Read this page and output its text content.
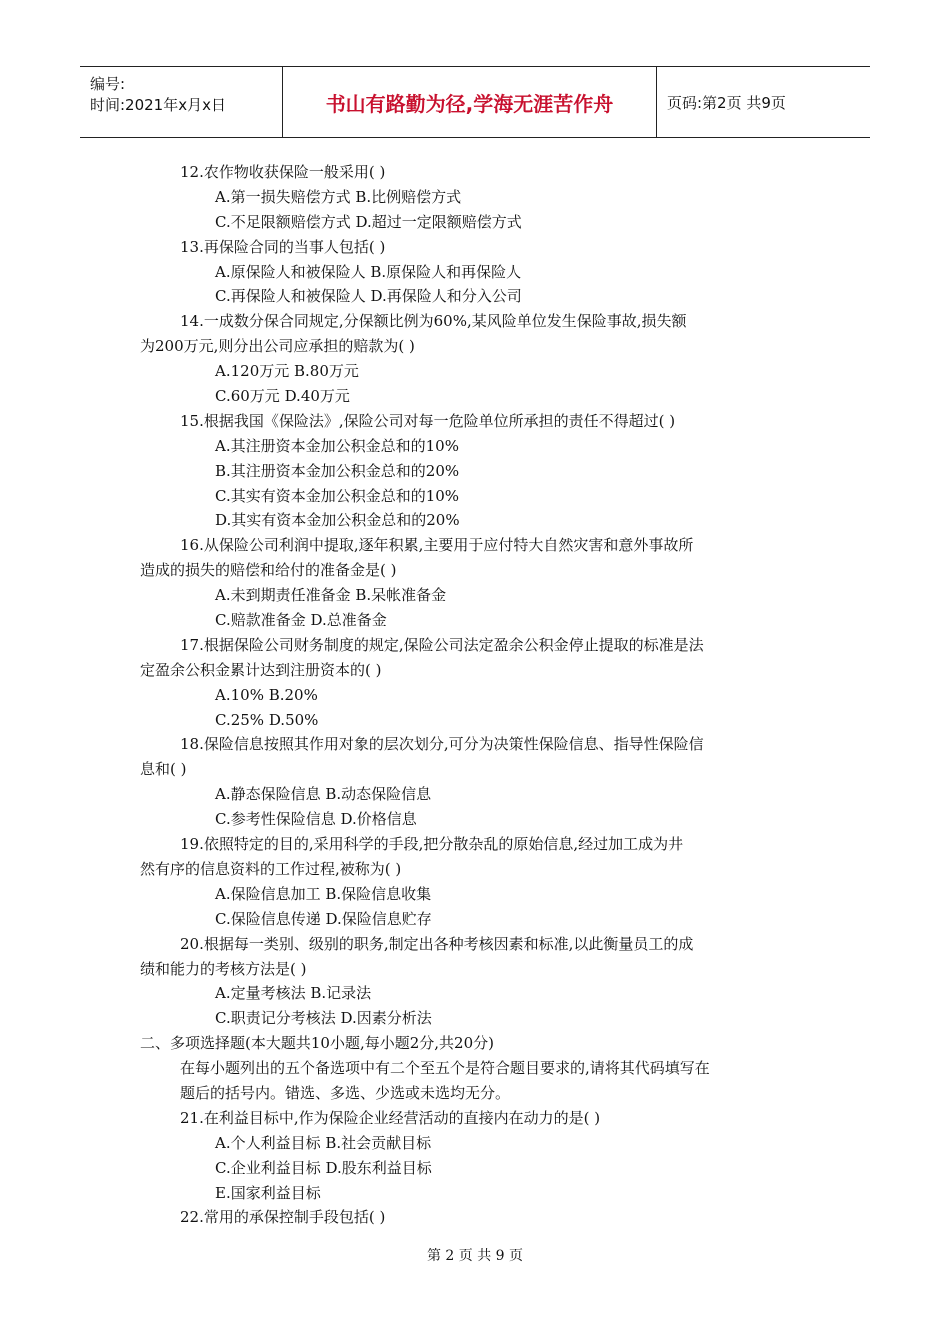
编号:
时间:2021年x月x日	书山有路勤为径,学海无涯苦作舟	页码:第2页 共9页
12.农作物收获保险一般采用( )
A.第一损失赔偿方式 B.比例赔偿方式
C.不足限额赔偿方式 D.超过一定限额赔偿方式
13.再保险合同的当事人包括( )
A.原保险人和被保险人 B.原保险人和再保险人
C.再保险人和被保险人 D.再保险人和分入公司
14.一成数分保合同规定,分保额比例为60%,某风险单位发生保险事故,损失额
为200万元,则分出公司应承担的赔款为( )
A.120万元 B.80万元
C.60万元 D.40万元
15.根据我国《保险法》,保险公司对每一危险单位所承担的责任不得超过( )
A.其注册资本金加公积金总和的10%
B.其注册资本金加公积金总和的20%
C.其实有资本金加公积金总和的10%
D.其实有资本金加公积金总和的20%
16.从保险公司利润中提取,逐年积累,主要用于应付特大自然灾害和意外事故所
造成的损失的赔偿和给付的准备金是( )
A.未到期责任准备金 B.呆帐准备金
C.赔款准备金 D.总准备金
17.根据保险公司财务制度的规定,保险公司法定盈余公积金停止提取的标准是法
定盈余公积金累计达到注册资本的( )
A.10% B.20%
C.25% D.50%
18.保险信息按照其作用对象的层次划分,可分为决策性保险信息、指导性保险信
息和( )
A.静态保险信息 B.动态保险信息
C.参考性保险信息 D.价格信息
19.依照特定的目的,采用科学的手段,把分散杂乱的原始信息,经过加工成为井
然有序的信息资料的工作过程,被称为( )
A.保险信息加工 B.保险信息收集
C.保险信息传递 D.保险信息贮存
20.根据每一类别、级别的职务,制定出各种考核因素和标准,以此衡量员工的成
绩和能力的考核方法是( )
A.定量考核法 B.记录法
C.职责记分考核法 D.因素分析法
二、多项选择题(本大题共10小题,每小题2分,共20分)
在每小题列出的五个备选项中有二个至五个是符合题目要求的,请将其代码填写在
题后的括号内。错选、多选、少选或未选均无分。
21.在利益目标中,作为保险企业经营活动的直接内在动力的是( )
A.个人利益目标 B.社会贡献目标
C.企业利益目标 D.股东利益目标
E.国家利益目标
22.常用的承保控制手段包括( )
第 2 页 共 9 页
